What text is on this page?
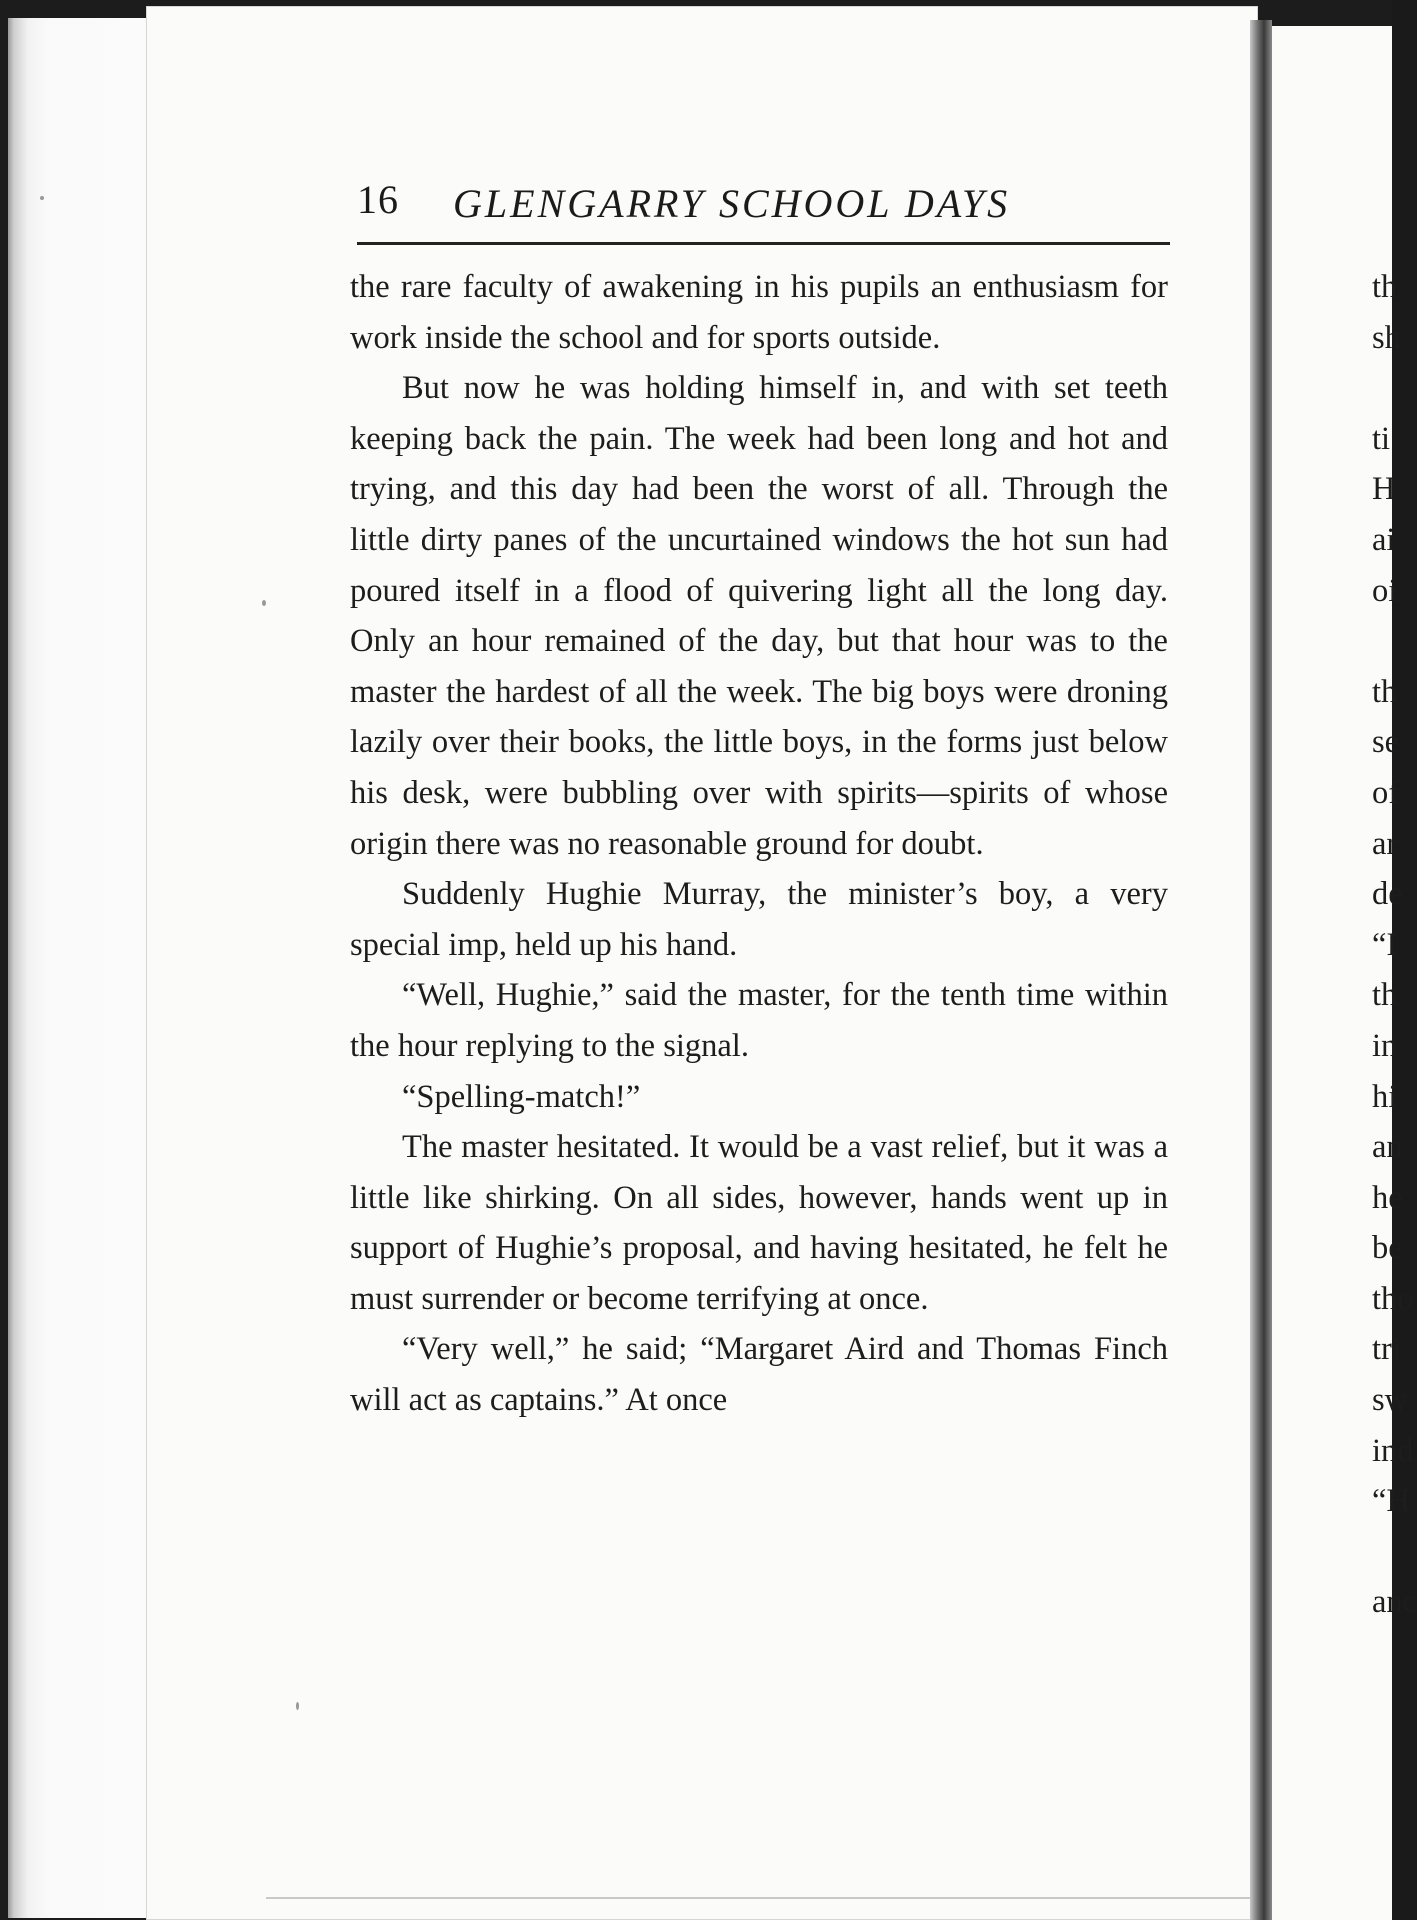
16 GLENGARRY SCHOOL DAYS

the rare faculty of awakening in his pupils an enthusiasm for work inside the school and for sports outside.

But now he was holding himself in, and with set teeth keeping back the pain. The week had been long and hot and trying, and this day had been the worst of all. Through the little dirty panes of the uncurtained windows the hot sun had poured itself in a flood of quivering light all the long day. Only an hour remained of the day, but that hour was to the master the hardest of all the week. The big boys were droning lazily over their books, the little boys, in the forms just below his desk, were bubbling over with spirits—spirits of whose origin there was no reasonable ground for doubt.

Suddenly Hughie Murray, the minister’s boy, a very special imp, held up his hand.

“Well, Hughie,” said the master, for the tenth time within the hour replying to the signal.

“Spelling-match!”

The master hesitated. It would be a vast relief, but it was a little like shirking. On all sides, however, hands went up in support of Hughie’s proposal, and having hesitated, he felt he must surrender or become terrifying at once.

“Very well,” he said; “Margaret Aird and Thomas Finch will act as captains.” At once

th
sh

ti
H
ai
oi

th
se
of
ar
de
“I
th
in
hi
an
he
be
tho
tri
sw
ind
“H

anc
